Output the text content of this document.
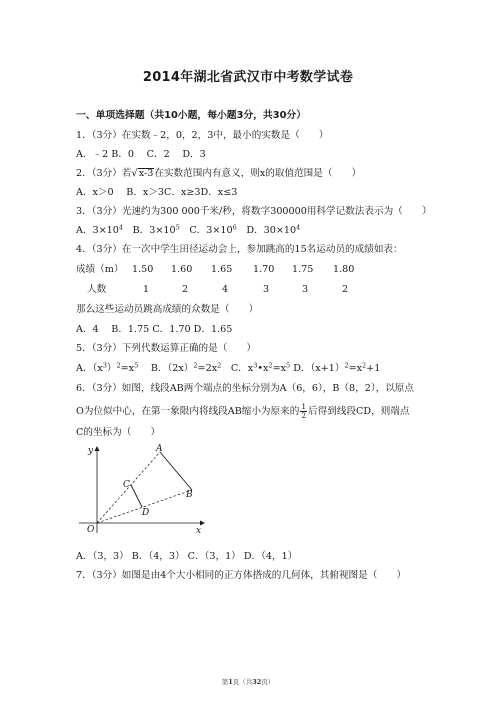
2014年湖北省武汉市中考数学试卷
一、单项选择题（共10小题，每小题3分，共30分）
1．（3分）在实数﹣2，0，2，3中，最小的实数是（　　）
A．﹣2 B．0　 C．2　 D．3
2．（3分）若√x-3在实数范围内有意义，则x的取值范围是（　　）
A．x＞0　 B．x＞3C．x≥3D．x≤3
3．（3分）光速约为300 000千米/秒，将数字300000用科学记数法表示为（　　）
A．$3\times 10^4$　B．$3\times 10^5$　C．$3\times 10^6$　D．$30\times 10^4$
4．（3分）在一次中学生田径运动会上，参加跳高的15名运动员的成绩如表：
成绩（m） 1.50 1.60 1.65 1.70 1.75 1.80
人数	1	2	4	3	3	2
那么这些运动员跳高成绩的众数是（　　）
A．4　 B．1.75 C．1.70 D．1.65
5．（3分）下列代数运算正确的是（　　）
A．$(x^3)^2=x^5$　 B．$(2x)^2=2x^2$　C．$x^3•x^2=x^5$ D．$(x+1)^2=x^2+1$
6．（3分）如图，线段AB两个端点的坐标分别为A（6，6），B（8，2），以原点
O为位似中心，在第一象限内将线段AB缩小为原来的 $\frac{1}{2}$ 后得到线段CD，则端点
C的坐标为（　　）
y
x
O
A
B
C
D
A．（3，3） B．（4，3） C．（3，1） D．（4，1）
7．（3分）如图是由4个大小相同的正方体搭成的几何体，其俯视图是（　　）
第1页（共32页）
